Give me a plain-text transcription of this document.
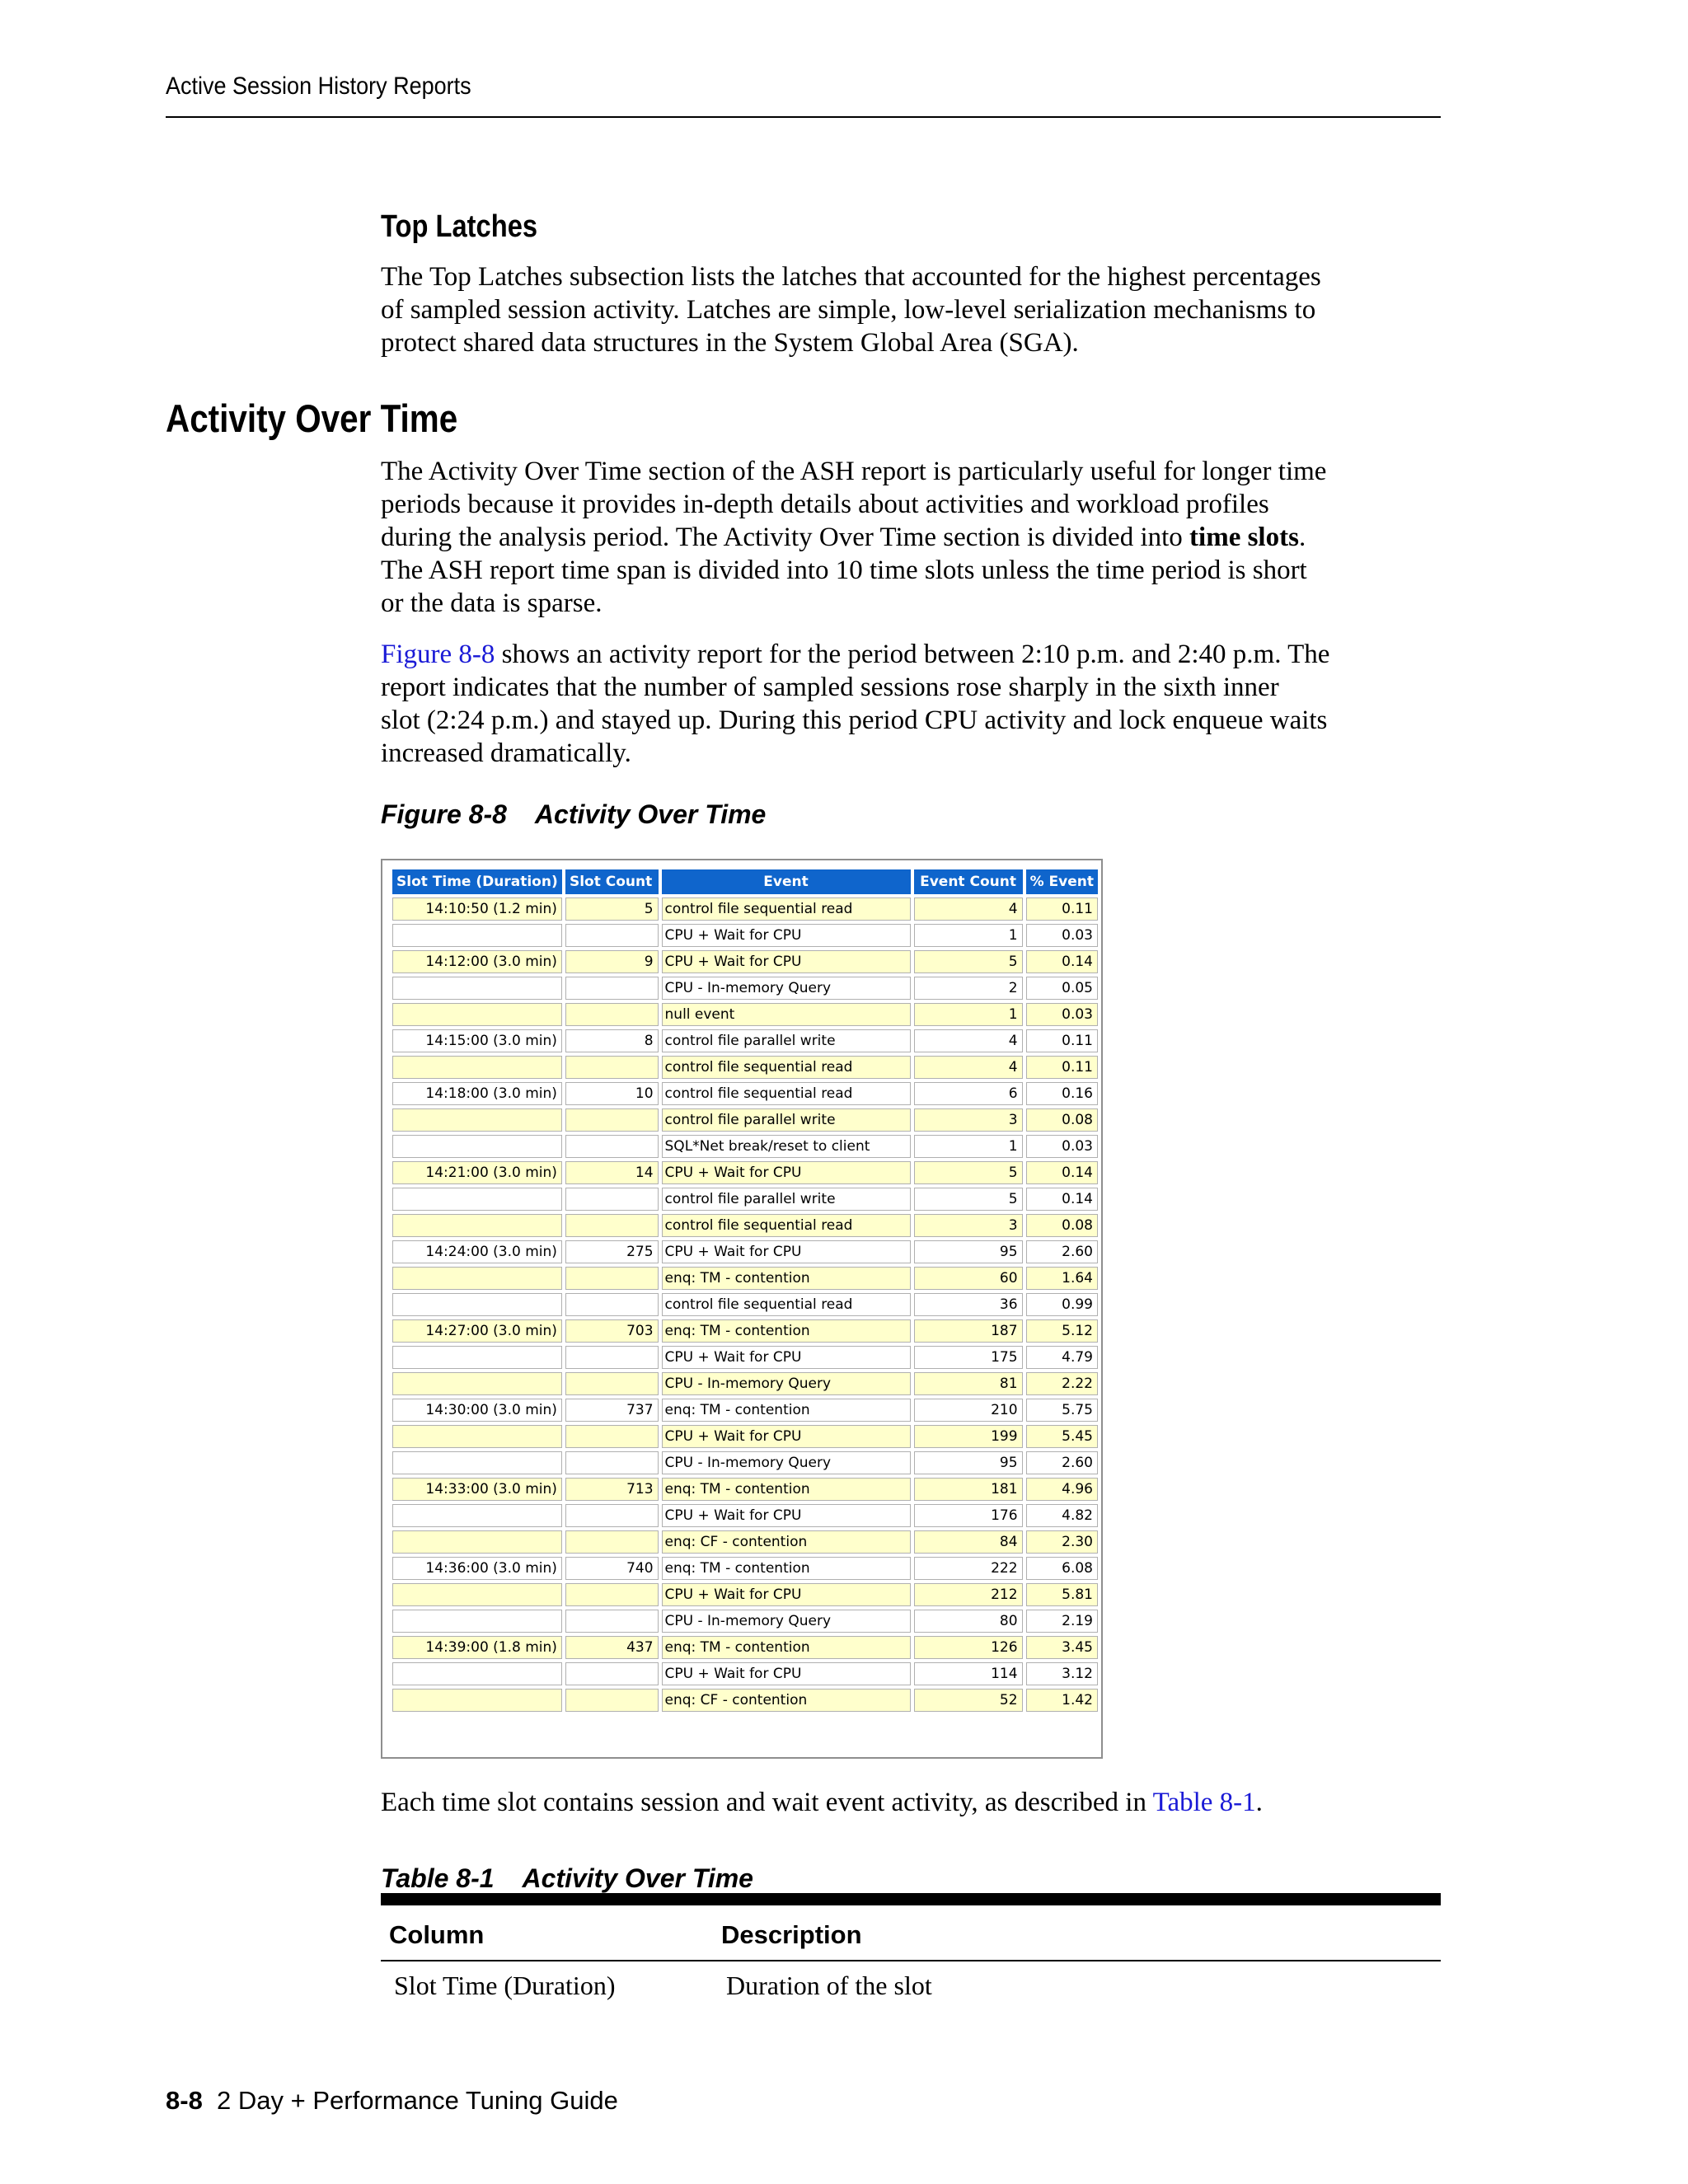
Active Session History Reports
Top Latches

The Top Latches subsection lists the latches that accounted for the highest percentages
of sampled session activity. Latches are simple, low-level serialization mechanisms to
protect shared data structures in the System Global Area (SGA).

Activity Over Time

The Activity Over Time section of the ASH report is particularly useful for longer time
periods because it provides in-depth details about activities and workload profiles
during the analysis period. The Activity Over Time section is divided into time slots.
The ASH report time span is divided into 10 time slots unless the time period is short
or the data is sparse.

Figure 8-8 shows an activity report for the period between 2:10 p.m. and 2:40 p.m. The
report indicates that the number of sampled sessions rose sharply in the sixth inner
slot (2:24 p.m.) and stayed up. During this period CPU activity and lock enqueue waits
increased dramatically.

Figure 8-8 Activity Over Time
Slot Time (Duration)	Slot Count	Event	Event Count	% Event
14:10:50 (1.2 min)	5	control file sequential read	4	0.11
		CPU + Wait for CPU	1	0.03
14:12:00 (3.0 min)	9	CPU + Wait for CPU	5	0.14
		CPU - In-memory Query	2	0.05
		null event	1	0.03
14:15:00 (3.0 min)	8	control file parallel write	4	0.11
		control file sequential read	4	0.11
14:18:00 (3.0 min)	10	control file sequential read	6	0.16
		control file parallel write	3	0.08
		SQL*Net break/reset to client	1	0.03
14:21:00 (3.0 min)	14	CPU + Wait for CPU	5	0.14
		control file parallel write	5	0.14
		control file sequential read	3	0.08
14:24:00 (3.0 min)	275	CPU + Wait for CPU	95	2.60
		enq: TM - contention	60	1.64
		control file sequential read	36	0.99
14:27:00 (3.0 min)	703	enq: TM - contention	187	5.12
		CPU + Wait for CPU	175	4.79
		CPU - In-memory Query	81	2.22
14:30:00 (3.0 min)	737	enq: TM - contention	210	5.75
		CPU + Wait for CPU	199	5.45
		CPU - In-memory Query	95	2.60
14:33:00 (3.0 min)	713	enq: TM - contention	181	4.96
		CPU + Wait for CPU	176	4.82
		enq: CF - contention	84	2.30
14:36:00 (3.0 min)	740	enq: TM - contention	222	6.08
		CPU + Wait for CPU	212	5.81
		CPU - In-memory Query	80	2.19
14:39:00 (1.8 min)	437	enq: TM - contention	126	3.45
		CPU + Wait for CPU	114	3.12
		enq: CF - contention	52	1.42

Each time slot contains session and wait event activity, as described in Table 8-1.

Table 8-1 Activity Over Time
Column	Description
Slot Time (Duration)	Duration of the slot
8-8 2 Day + Performance Tuning Guide
